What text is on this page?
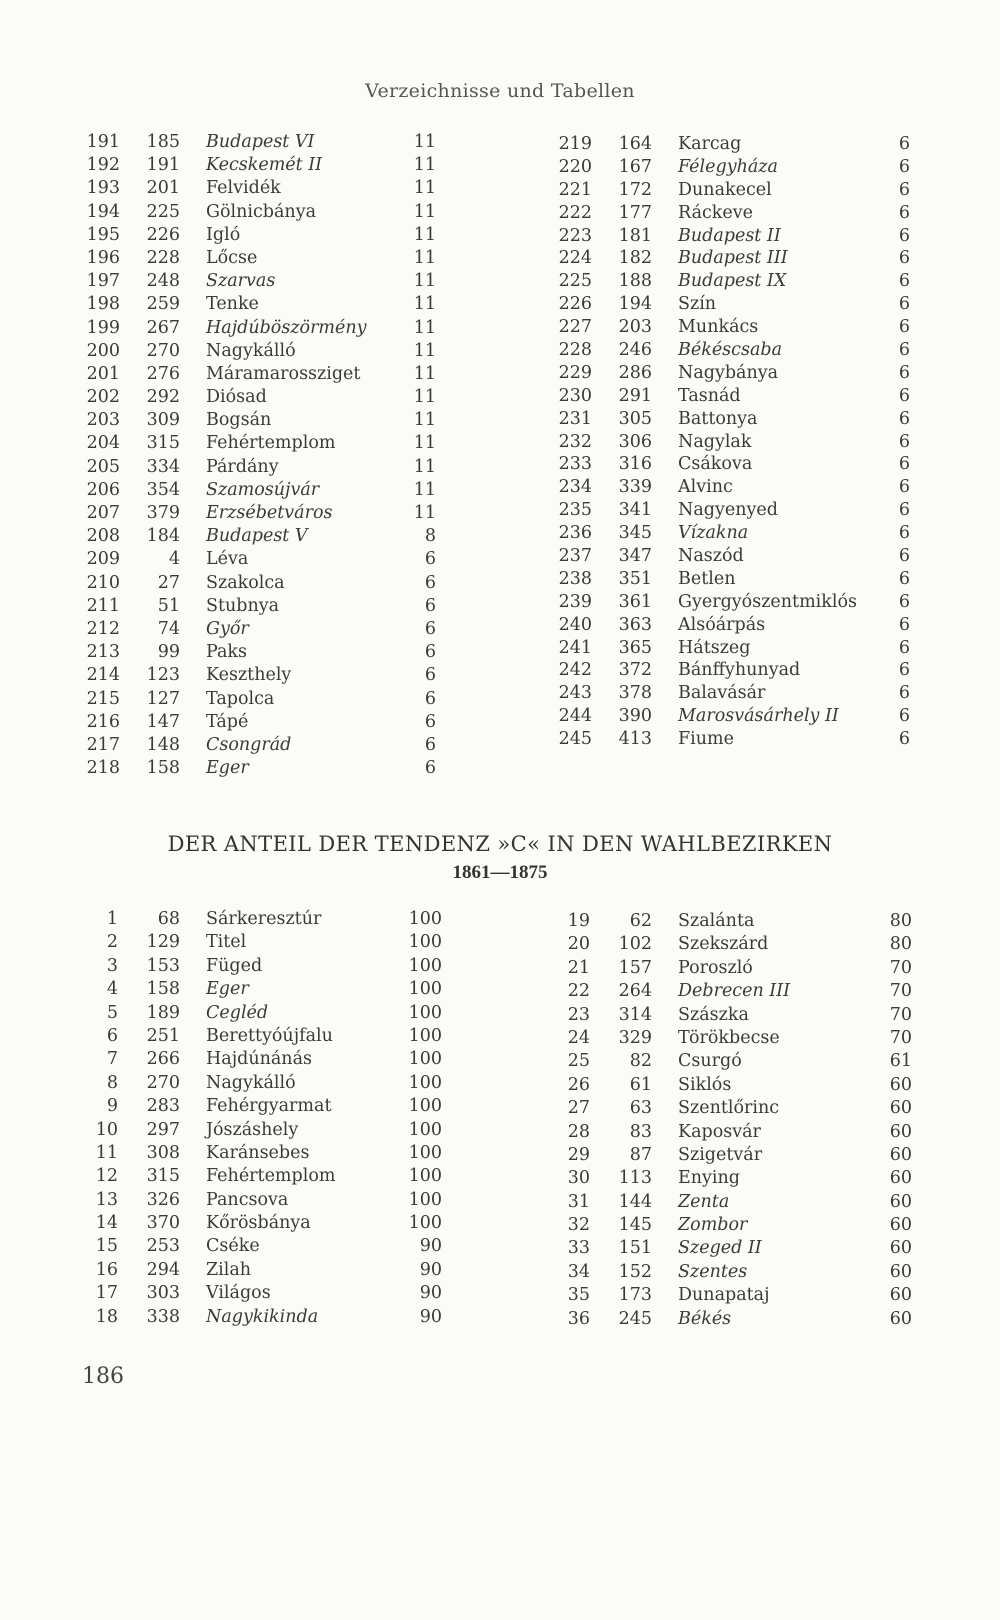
Verzeichnisse und Tabellen
191	185 Budapest VI	11
192	191 Kecskemét II	11
193	201 Felvidék	11
194	225 Gölnicbánya	11
195	226 Igló	11
196	228 Lőcse	11
197	248 Szarvas	11
198	259 Tenke	11
199	267 Hajdúböszörmény	11
200	270 Nagykálló	11
201	276 Máramarossziget	11
202	292 Diósad	11
203	309 Bogsán	11
204	315 Fehértemplom	11
205	334 Párdány	11
206	354 Szamosújvár	11
207	379 Erzsébetváros	11
208	184 Budapest V	8
209	4 Léva	6
210	27 Szakolca	6
211	51 Stubnya	6
212	74 Győr	6
213	99 Paks	6
214	123 Keszthely	6
215	127 Tapolca	6
216	147 Tápé	6
217	148 Csongrád	6
218	158 Eger	6
219	164 Karcag	6
220	167 Félegyháza	6
221	172 Dunakecel	6
222	177 Ráckeve	6
223	181 Budapest II	6
224	182 Budapest III	6
225	188 Budapest IX	6
226	194 Szín	6
227	203 Munkács	6
228	246 Békéscsaba	6
229	286 Nagybánya	6
230	291 Tasnád	6
231	305 Battonya	6
232	306 Nagylak	6
233	316 Csákova	6
234	339 Alvinc	6
235	341 Nagyenyed	6
236	345 Vízakna	6
237	347 Naszód	6
238	351 Betlen	6
239	361 Gyergyószentmiklós	6
240	363 Alsóárpás	6
241	365 Hátszeg	6
242	372 Bánffyhunyad	6
243	378 Balavásár	6
244	390 Marosvásárhely II	6
245	413 Fiume	6
DER ANTEIL DER TENDENZ »C« IN DEN WAHLBEZIRKEN
1861—1875
1	68 Sárkeresztúr	100
2	129 Titel	100
3	153 Füged	100
4	158 Eger	100
5	189 Cegléd	100
6	251 Berettyóújfalu	100
7	266 Hajdúnánás	100
8	270 Nagykálló	100
9	283 Fehérgyarmat	100
10	297 Jószáshely	100
11	308 Karánsebes	100
12	315 Fehértemplom	100
13	326 Pancsova	100
14	370 Kőrösbánya	100
15	253 Cséke	90
16	294 Zilah	90
17	303 Világos	90
18	338 Nagykikinda	90
19	62 Szalánta	80
20	102 Szekszárd	80
21	157 Poroszló	70
22	264 Debrecen III	70
23	314 Szászka	70
24	329 Törökbecse	70
25	82 Csurgó	61
26	61 Siklós	60
27	63 Szentlőrinc	60
28	83 Kaposvár	60
29	87 Szigetvár	60
30	113 Enying	60
31	144 Zenta	60
32	145 Zombor	60
33	151 Szeged II	60
34	152 Szentes	60
35	173 Dunapataj	60
36	245 Békés	60
186
